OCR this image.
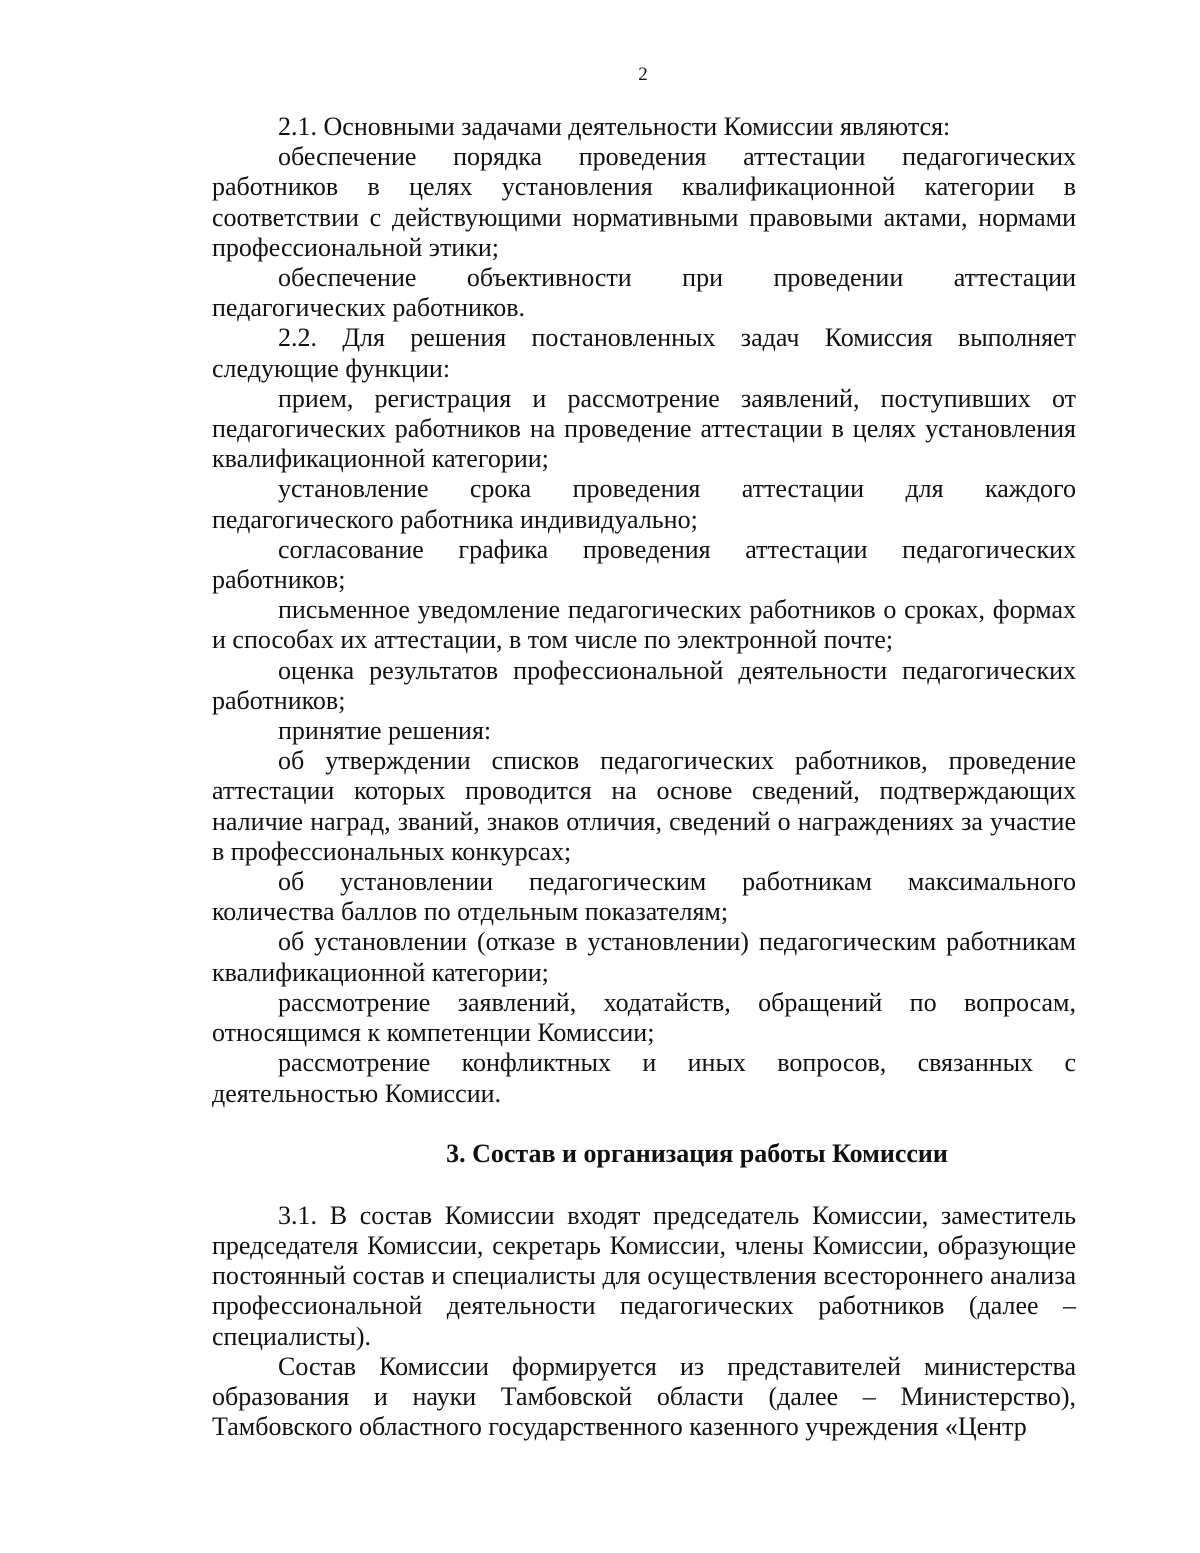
2

2.1. Основными задачами деятельности Комиссии являются:

обеспечение порядка проведения аттестации педагогических работников в целях установления квалификационной категории в соответствии с действующими нормативными правовыми актами, нормами профессиональной этики;

обеспечение объективности при проведении аттестации педагогических работников.

2.2. Для решения постановленных задач Комиссия выполняет следующие функции:

прием, регистрация и рассмотрение заявлений, поступивших от педагогических работников на проведение аттестации в целях установления квалификационной категории;

установление срока проведения аттестации для каждого педагогического работника индивидуально;

согласование графика проведения аттестации педагогических работников;

письменное уведомление педагогических работников о сроках, формах и способах их аттестации, в том числе по электронной почте;

оценка результатов профессиональной деятельности педагогических работников;

принятие решения:

об утверждении списков педагогических работников, проведение аттестации которых проводится на основе сведений, подтверждающих наличие наград, званий, знаков отличия, сведений о награждениях за участие в профессиональных конкурсах;

об установлении педагогическим работникам максимального количества баллов по отдельным показателям;

об установлении (отказе в установлении) педагогическим работникам квалификационной категории;

рассмотрение заявлений, ходатайств, обращений по вопросам, относящимся к компетенции Комиссии;

рассмотрение конфликтных и иных вопросов, связанных с деятельностью Комиссии.

3. Состав и организация работы Комиссии

3.1. В состав Комиссии входят председатель Комиссии, заместитель председателя Комиссии, секретарь Комиссии, члены Комиссии, образующие постоянный состав и специалисты для осуществления всестороннего анализа профессиональной деятельности педагогических работников (далее – специалисты).

Состав Комиссии формируется из представителей министерства образования и науки Тамбовской области (далее – Министерство), Тамбовского областного государственного казенного учреждения «Центр
